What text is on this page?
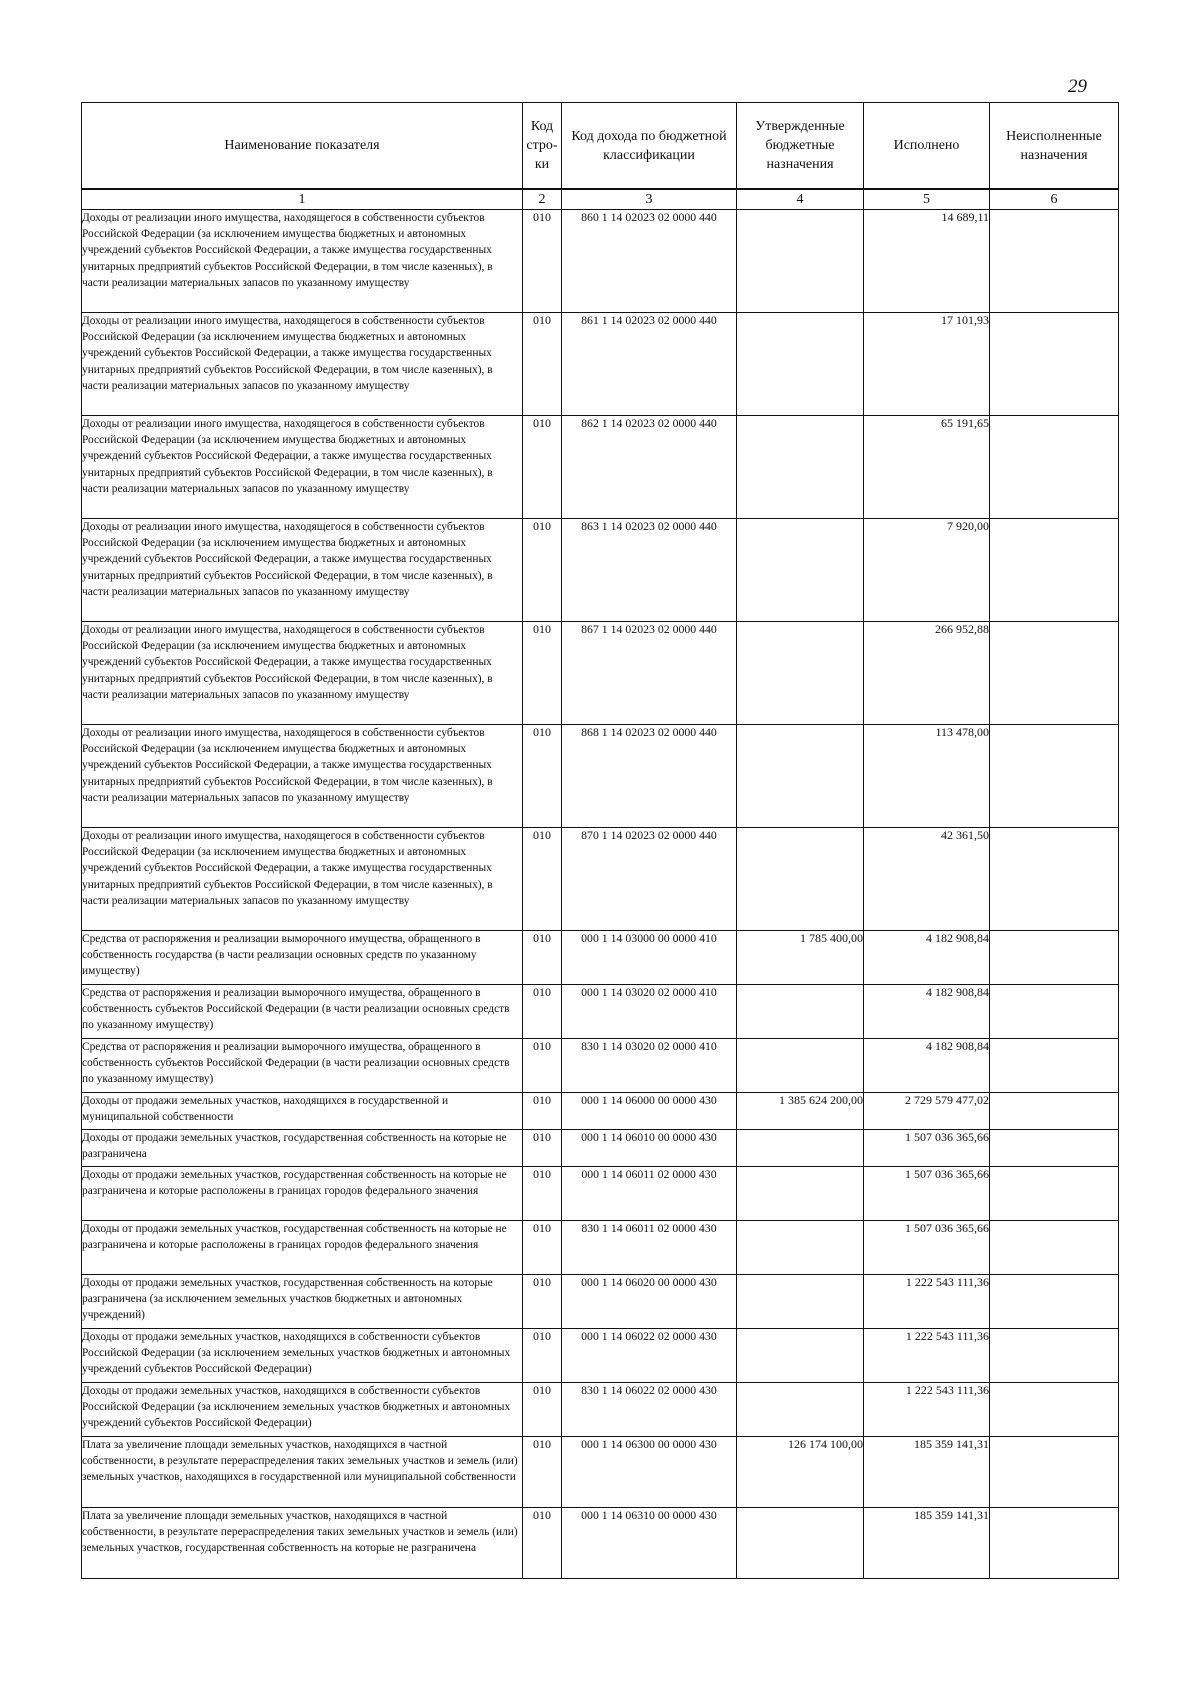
29
Наименование показателя	Код стро-ки	Код дохода по бюджетной классификации	Утвержденные бюджетные назначения	Исполнено	Неисполненные назначения
1	2	3	4	5	6
Доходы от реализации иного имущества, находящегося в собственности субъектов Российской Федерации (за исключением имущества бюджетных и автономных учреждений субъектов Российской Федерации, а также имущества государственных унитарных предприятий субъектов Российской Федерации, в том числе казенных), в части реализации материальных запасов по указанному имуществу	010	860 1 14 02023 02 0000 440		14 689,11	
Доходы от реализации иного имущества, находящегося в собственности субъектов Российской Федерации (за исключением имущества бюджетных и автономных учреждений субъектов Российской Федерации, а также имущества государственных унитарных предприятий субъектов Российской Федерации, в том числе казенных), в части реализации материальных запасов по указанному имуществу	010	861 1 14 02023 02 0000 440		17 101,93	
Доходы от реализации иного имущества, находящегося в собственности субъектов Российской Федерации (за исключением имущества бюджетных и автономных учреждений субъектов Российской Федерации, а также имущества государственных унитарных предприятий субъектов Российской Федерации, в том числе казенных), в части реализации материальных запасов по указанному имуществу	010	862 1 14 02023 02 0000 440		65 191,65	
Доходы от реализации иного имущества, находящегося в собственности субъектов Российской Федерации (за исключением имущества бюджетных и автономных учреждений субъектов Российской Федерации, а также имущества государственных унитарных предприятий субъектов Российской Федерации, в том числе казенных), в части реализации материальных запасов по указанному имуществу	010	863 1 14 02023 02 0000 440		7 920,00	
Доходы от реализации иного имущества, находящегося в собственности субъектов Российской Федерации (за исключением имущества бюджетных и автономных учреждений субъектов Российской Федерации, а также имущества государственных унитарных предприятий субъектов Российской Федерации, в том числе казенных), в части реализации материальных запасов по указанному имуществу	010	867 1 14 02023 02 0000 440		266 952,88	
Доходы от реализации иного имущества, находящегося в собственности субъектов Российской Федерации (за исключением имущества бюджетных и автономных учреждений субъектов Российской Федерации, а также имущества государственных унитарных предприятий субъектов Российской Федерации, в том числе казенных), в части реализации материальных запасов по указанному имуществу	010	868 1 14 02023 02 0000 440		113 478,00	
Доходы от реализации иного имущества, находящегося в собственности субъектов Российской Федерации (за исключением имущества бюджетных и автономных учреждений субъектов Российской Федерации, а также имущества государственных унитарных предприятий субъектов Российской Федерации, в том числе казенных), в части реализации материальных запасов по указанному имуществу	010	870 1 14 02023 02 0000 440		42 361,50	
Средства от распоряжения и реализации выморочного имущества, обращенного в собственность государства (в части реализации основных средств по указанному имуществу)	010	000 1 14 03000 00 0000 410	1 785 400,00	4 182 908,84	
Средства от распоряжения и реализации выморочного имущества, обращенного в собственность субъектов Российской Федерации (в части реализации основных средств по указанному имуществу)	010	000 1 14 03020 02 0000 410		4 182 908,84	
Средства от распоряжения и реализации выморочного имущества, обращенного в собственность субъектов Российской Федерации (в части реализации основных средств по указанному имуществу)	010	830 1 14 03020 02 0000 410		4 182 908,84	
Доходы от продажи земельных участков, находящихся в государственной и муниципальной собственности	010	000 1 14 06000 00 0000 430	1 385 624 200,00	2 729 579 477,02	
Доходы от продажи земельных участков, государственная собственность на которые не разграничена	010	000 1 14 06010 00 0000 430		1 507 036 365,66	
Доходы от продажи земельных участков, государственная собственность на которые не разграничена и которые расположены в границах городов федерального значения	010	000 1 14 06011 02 0000 430		1 507 036 365,66	
Доходы от продажи земельных участков, государственная собственность на которые не разграничена и которые расположены в границах городов федерального значения	010	830 1 14 06011 02 0000 430		1 507 036 365,66	
Доходы от продажи земельных участков, государственная собственность на которые разграничена (за исключением земельных участков бюджетных и автономных учреждений)	010	000 1 14 06020 00 0000 430		1 222 543 111,36	
Доходы от продажи земельных участков, находящихся в собственности субъектов Российской Федерации (за исключением земельных участков бюджетных и автономных учреждений субъектов Российской Федерации)	010	000 1 14 06022 02 0000 430		1 222 543 111,36	
Доходы от продажи земельных участков, находящихся в собственности субъектов Российской Федерации (за исключением земельных участков бюджетных и автономных учреждений субъектов Российской Федерации)	010	830 1 14 06022 02 0000 430		1 222 543 111,36	
Плата за увеличение площади земельных участков, находящихся в частной собственности, в результате перераспределения таких земельных участков и земель (или) земельных участков, находящихся в государственной или муниципальной собственности	010	000 1 14 06300 00 0000 430	126 174 100,00	185 359 141,31	
Плата за увеличение площади земельных участков, находящихся в частной собственности, в результате перераспределения таких земельных участков и земель (или) земельных участков, государственная собственность на которые не разграничена	010	000 1 14 06310 00 0000 430		185 359 141,31	
